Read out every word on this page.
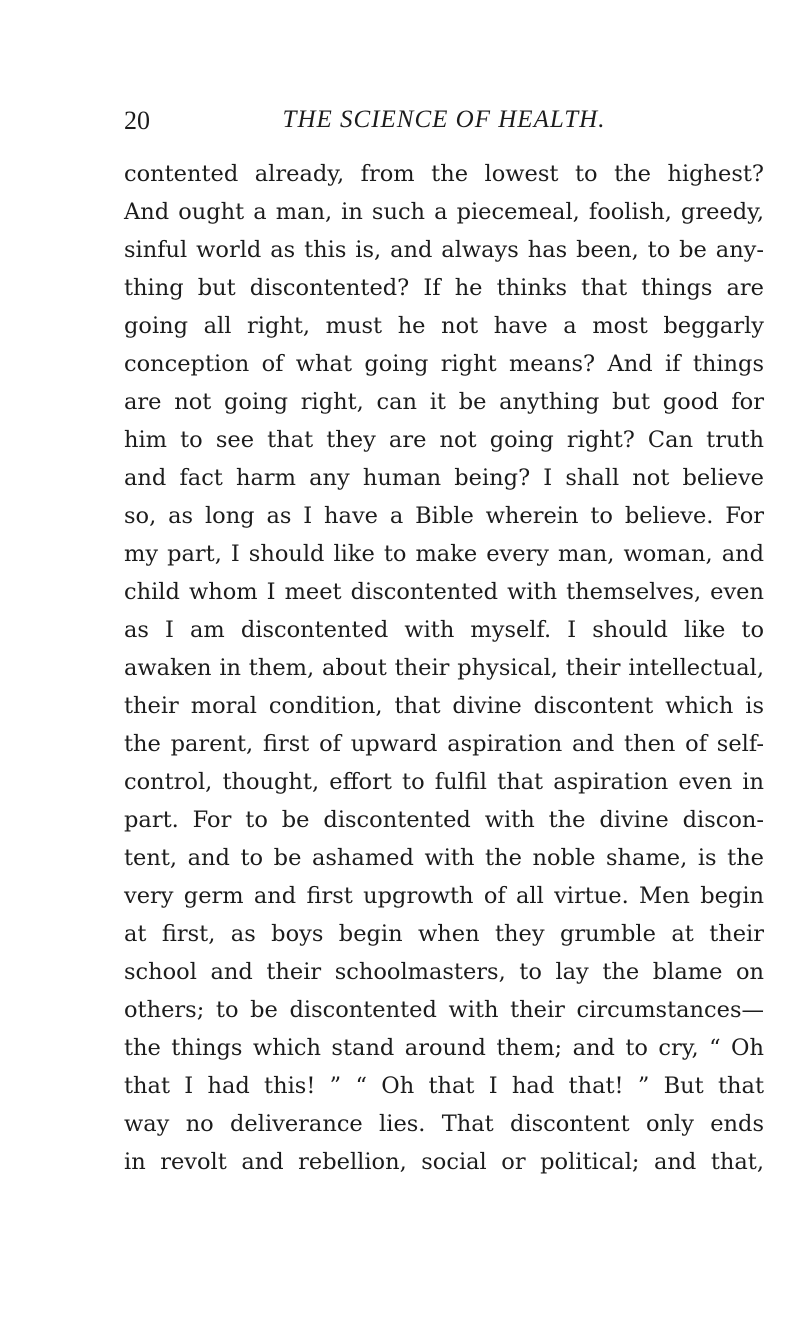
20	THE SCIENCE OF HEALTH.
contented already, from the lowest to the highest?
And ought a man, in such a piecemeal, foolish, greedy,
sinful world as this is, and always has been, to be any-
thing but discontented? If he thinks that things are
going all right, must he not have a most beggarly
conception of what going right means? And if things
are not going right, can it be anything but good for
him to see that they are not going right? Can truth
and fact harm any human being? I shall not believe
so, as long as I have a Bible wherein to believe. For
my part, I should like to make every man, woman, and
child whom I meet discontented with themselves, even
as I am discontented with myself. I should like to
awaken in them, about their physical, their intellectual,
their moral condition, that divine discontent which is
the parent, first of upward aspiration and then of self-
control, thought, effort to fulfil that aspiration even in
part. For to be discontented with the divine discon-
tent, and to be ashamed with the noble shame, is the
very germ and first upgrowth of all virtue. Men begin
at first, as boys begin when they grumble at their
school and their schoolmasters, to lay the blame on
others; to be discontented with their circumstances—
the things which stand around them; and to cry, “ Oh
that I had this! ” “ Oh that I had that! ” But that
way no deliverance lies. That discontent only ends
in revolt and rebellion, social or political; and that,
